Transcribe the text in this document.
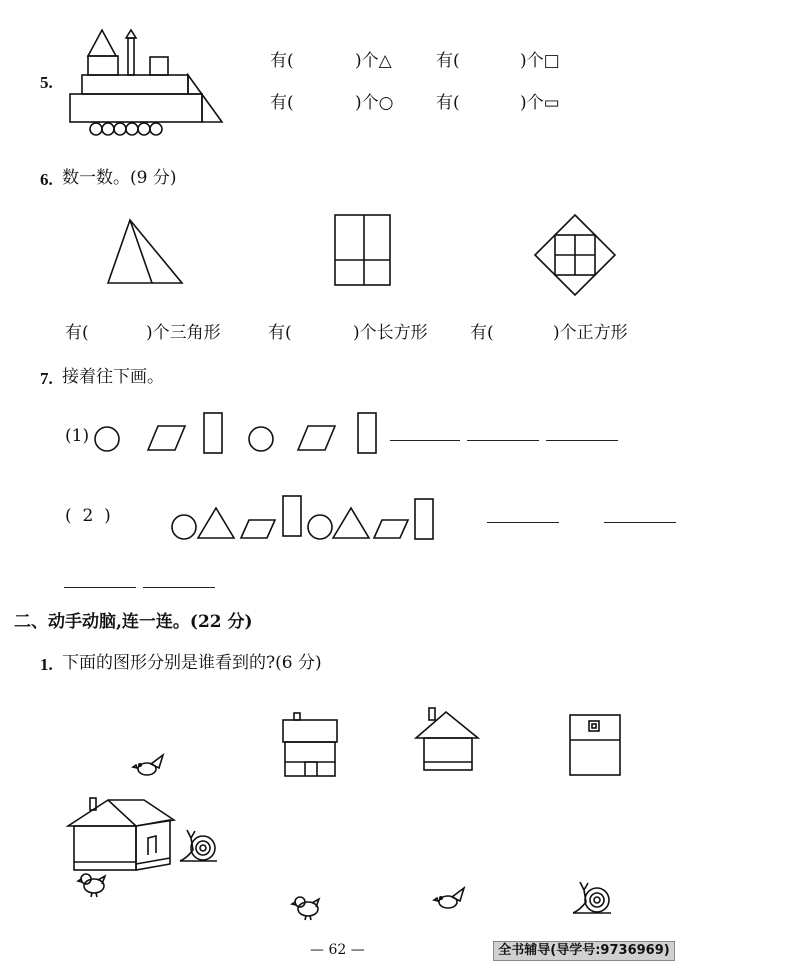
5.
有(	)个△	有(	)个□
有(	)个○	有(	)个▭
6. 数一数。(9 分)
有(	)个三角形	有(	)个长方形 有(	)个正方形
7. 接着往下画。
(1)
(  2  )
二、动手动脑,连一连。(22 分)
1. 下面的图形分别是谁看到的?(6 分)
— 62 —	全书辅导(导学号:9736969)
